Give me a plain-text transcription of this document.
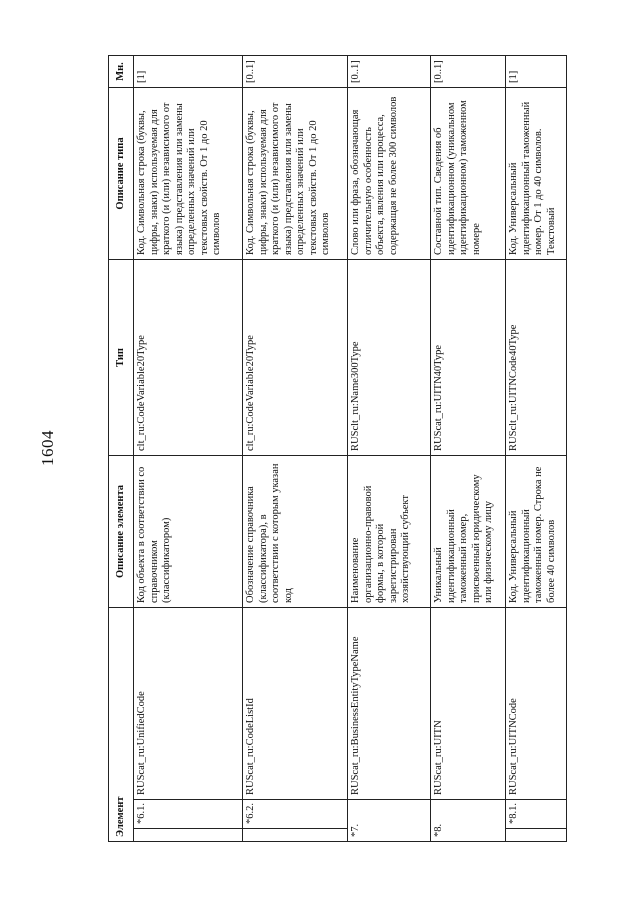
1604
Элемент			Описание элемента	Тип	Описание типа	Мн.
	*6.1.	RUScat_ru:UnifiedCode	Код объекта в соответствии со справочником (классификатором)	clt_ru:CodeVariable20Type	Код. Символьная строка (буквы, цифры, знаки) используемая для краткого (и (или) независимого от языка) представления или замены определенных значений или текстовых свойств. От 1 до 20 символов	[1]
	*6.2.	RUScat_ru:CodeListId	Обозначение справочника (классификатора), в соответствии с которым указан код	clt_ru:CodeVariable20Type	Код. Символьная строка (буквы, цифры, знаки) используемая для краткого (и (или) независимого от языка) представления или замены определенных значений или текстовых свойств. От 1 до 20 символов	[0..1]
*7.		RUScat_ru:BusinessEntityTypeName	Наименование организационно-правовой формы, в которой зарегистрирован хозяйствующий субъект	RUSclt_ru:Name300Type	Слово или фраза, обозначающая отличительную особенность объекта, явления или процесса, содержащая не более 300 символов	[0..1]
*8.		RUScat_ru:UITN	Уникальный идентификационный таможенный номер, присвоенный юридическому или физическому лицу	RUScat_ru:UITN40Type	Составной тип. Сведения об идентификационном (уникальном идентификационном) таможенном номере	[0..1]
	*8.1.	RUScat_ru:UITNCode	Код. Универсальный идентификационный таможенный номер. Строка не более 40 символов	RUSclt_ru:UITNCode40Type	Код. Универсальный идентификационный таможенный номер. От 1 до 40 символов. Текстовый	[1]
